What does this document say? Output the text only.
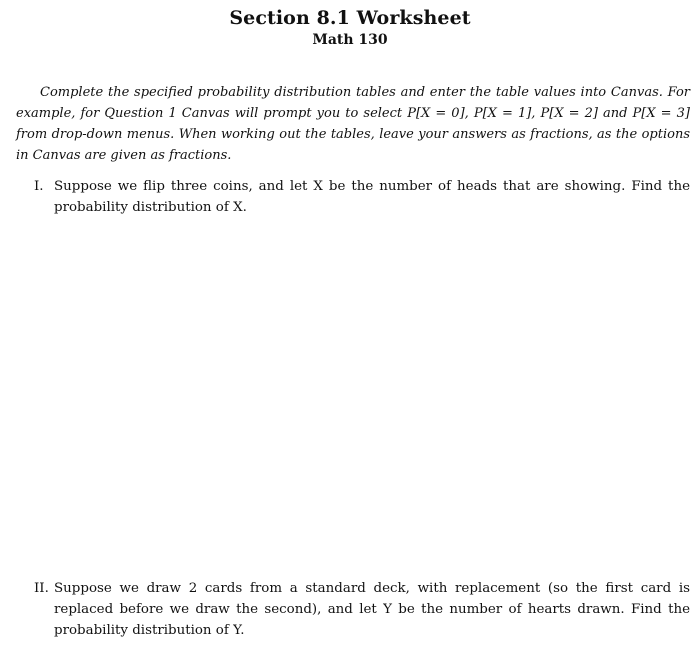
Section 8.1 Worksheet
Math 130
Complete the specified probability distribution tables and enter the table values into Canvas. For example, for Question 1 Canvas will prompt you to select P[X = 0], P[X = 1], P[X = 2] and P[X = 3] from drop-down menus. When working out the tables, leave your answers as fractions, as the options in Canvas are given as fractions.
I. Suppose we flip three coins, and let X be the number of heads that are showing. Find the probability distribution of X.
II. Suppose we draw 2 cards from a standard deck, with replacement (so the first card is replaced before we draw the second), and let Y be the number of hearts drawn. Find the probability distribution of Y.
